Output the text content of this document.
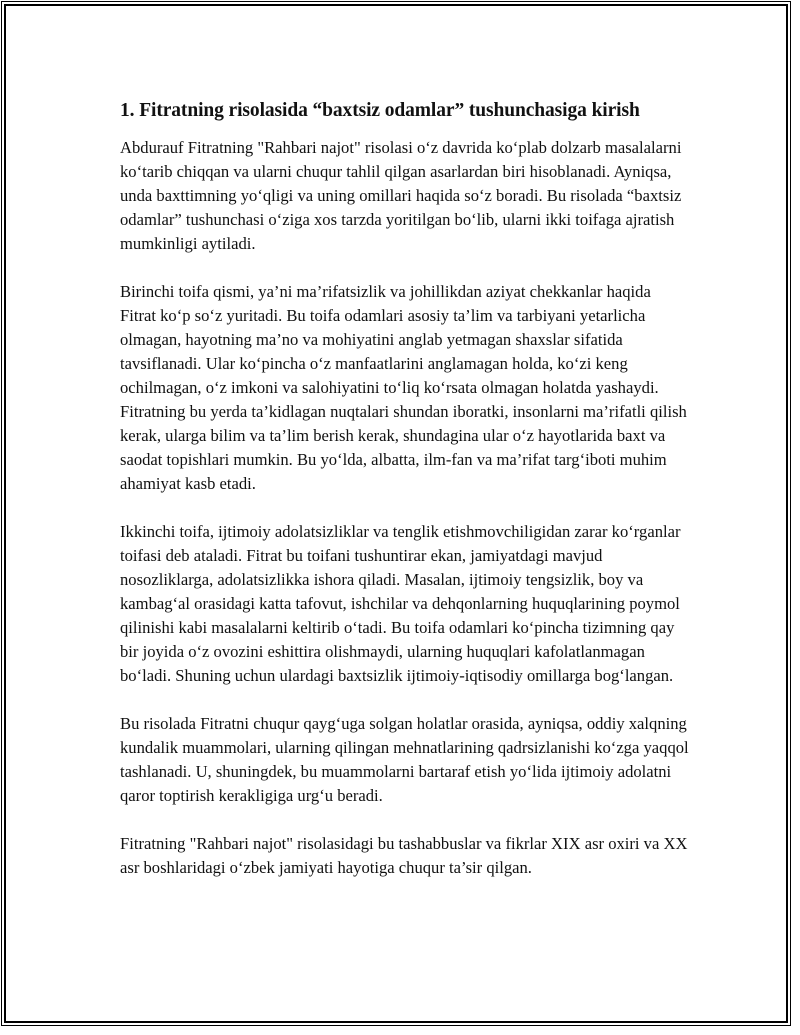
1. Fitratning risolasida “baxtsiz odamlar” tushunchasiga kirish

Abdurauf Fitratning "Rahbari najot" risolasi o‘z davrida ko‘plab dolzarb masalalarni ko‘tarib chiqqan va ularni chuqur tahlil qilgan asarlardan biri hisoblanadi. Ayniqsa, unda baxttimning yo‘qligi va uning omillari haqida so‘z boradi. Bu risolada “baxtsiz odamlar” tushunchasi o‘ziga xos tarzda yoritilgan bo‘lib, ularni ikki toifaga ajratish mumkinligi aytiladi.

Birinchi toifa qismi, ya’ni ma’rifatsizlik va johillikdan aziyat chekkanlar haqida Fitrat ko‘p so‘z yuritadi. Bu toifa odamlari asosiy ta’lim va tarbiyani yetarlicha olmagan, hayotning ma’no va mohiyatini anglab yetmagan shaxslar sifatida tavsiflanadi. Ular ko‘pincha o‘z manfaatlarini anglamagan holda, ko‘zi keng ochilmagan, o‘z imkoni va salohiyatini to‘liq ko‘rsata olmagan holatda yashaydi. Fitratning bu yerda ta’kidlagan nuqtalari shundan iboratki, insonlarni ma’rifatli qilish kerak, ularga bilim va ta’lim berish kerak, shundagina ular o‘z hayotlarida baxt va saodat topishlari mumkin. Bu yo‘lda, albatta, ilm-fan va ma’rifat targ‘iboti muhim ahamiyat kasb etadi.

Ikkinchi toifa, ijtimoiy adolatsizliklar va tenglik etishmovchiligidan zarar ko‘rganlar toifasi deb ataladi. Fitrat bu toifani tushuntirar ekan, jamiyatdagi mavjud nosozliklarga, adolatsizlikka ishora qiladi. Masalan, ijtimoiy tengsizlik, boy va kambag‘al orasidagi katta tafovut, ishchilar va dehqonlarning huquqlarining poymol qilinishi kabi masalalarni keltirib o‘tadi. Bu toifa odamlari ko‘pincha tizimning qay bir joyida o‘z ovozini eshittira olishmaydi, ularning huquqlari kafolatlanmagan bo‘ladi. Shuning uchun ulardagi baxtsizlik ijtimoiy-iqtisodiy omillarga bog‘langan.

Bu risolada Fitratni chuqur qayg‘uga solgan holatlar orasida, ayniqsa, oddiy xalqning kundalik muammolari, ularning qilingan mehnatlarining qadrsizlanishi ko‘zga yaqqol tashlanadi. U, shuningdek, bu muammolarni bartaraf etish yo‘lida ijtimoiy adolatni qaror toptirish kerakligiga urg‘u beradi.

Fitratning "Rahbari najot" risolasidagi bu tashabbuslar va fikrlar XIX asr oxiri va XX asr boshlaridagi o‘zbek jamiyati hayotiga chuqur ta’sir qilgan.
